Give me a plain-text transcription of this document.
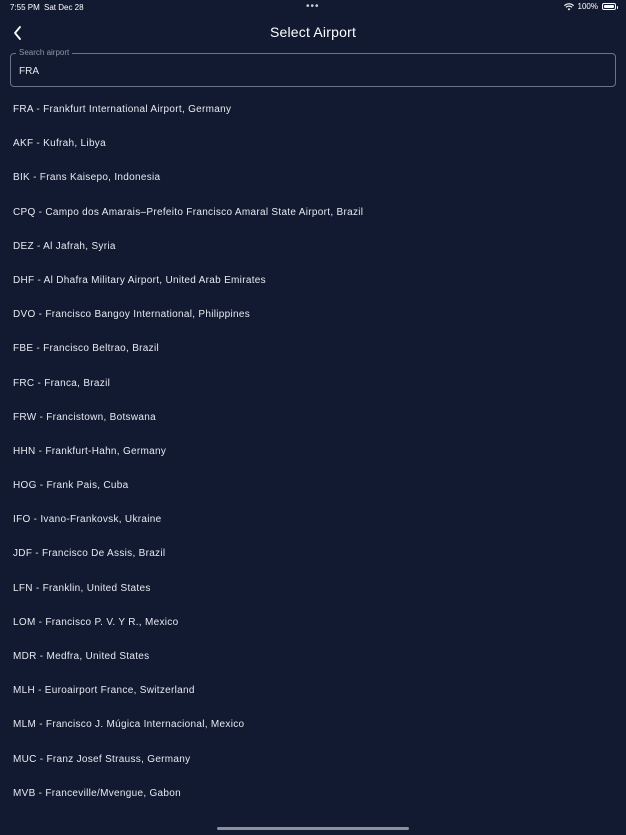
7:55 PM Sat Dec 28	•••	100%
Select Airport
Search airport
FRA
FRA - Frankfurt International Airport, Germany
AKF - Kufrah, Libya
BIK - Frans Kaisepo, Indonesia
CPQ - Campo dos Amarais–Prefeito Francisco Amaral State Airport, Brazil
DEZ - Al Jafrah, Syria
DHF - Al Dhafra Military Airport, United Arab Emirates
DVO - Francisco Bangoy International, Philippines
FBE - Francisco Beltrao, Brazil
FRC - Franca, Brazil
FRW - Francistown, Botswana
HHN - Frankfurt-Hahn, Germany
HOG - Frank Pais, Cuba
IFO - Ivano-Frankovsk, Ukraine
JDF - Francisco De Assis, Brazil
LFN - Franklin, United States
LOM - Francisco P. V. Y R., Mexico
MDR - Medfra, United States
MLH - Euroairport France, Switzerland
MLM - Francisco J. Múgica Internacional, Mexico
MUC - Franz Josef Strauss, Germany
MVB - Franceville/Mvengue, Gabon
